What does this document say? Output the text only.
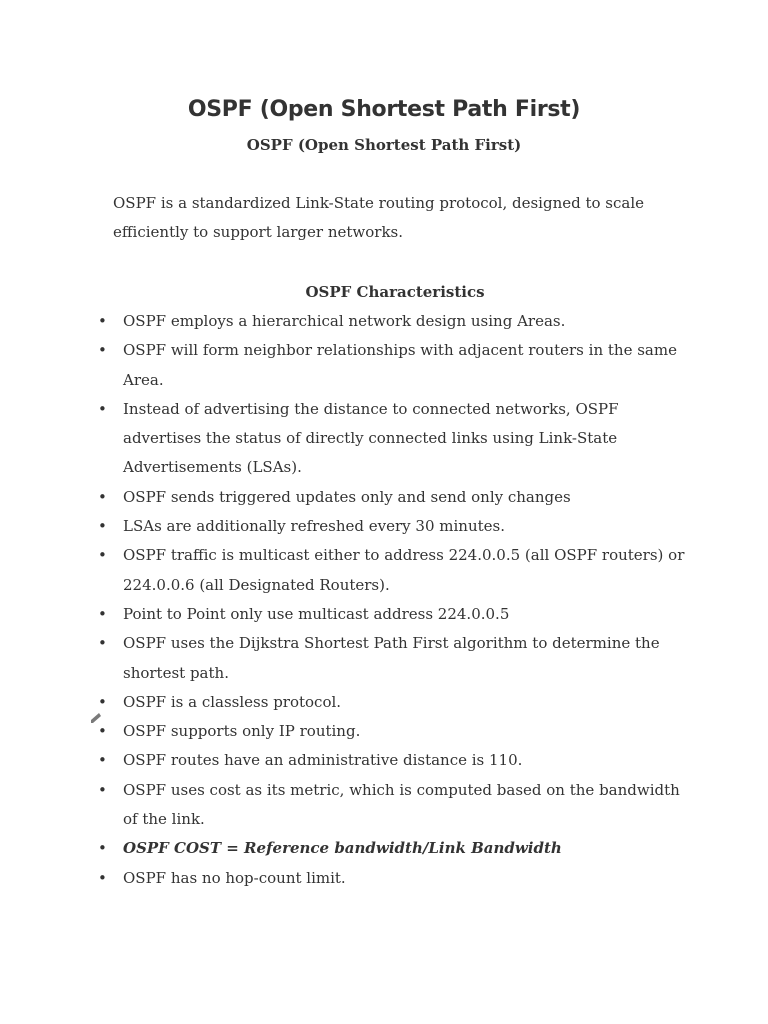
OSPF (Open Shortest Path First)
OSPF (Open Shortest Path First)
OSPF is a standardized Link-State routing protocol, designed to scale efficiently to support larger networks.
OSPF Characteristics
• OSPF employs a hierarchical network design using Areas.
• OSPF will form neighbor relationships with adjacent routers in the same Area.
• Instead of advertising the distance to connected networks, OSPF advertises the status of directly connected links using Link-State Advertisements (LSAs).
• OSPF sends triggered updates only and send only changes
• LSAs are additionally refreshed every 30 minutes.
• OSPF traffic is multicast either to address 224.0.0.5 (all OSPF routers) or 224.0.0.6 (all Designated Routers).
• Point to Point only use multicast address 224.0.0.5
• OSPF uses the Dijkstra Shortest Path First algorithm to determine the shortest path.
• OSPF is a classless protocol.
• OSPF supports only IP routing.
• OSPF routes have an administrative distance is 110.
• OSPF uses cost as its metric, which is computed based on the bandwidth of the link.
• OSPF COST = Reference bandwidth/Link Bandwidth
• OSPF has no hop-count limit.
